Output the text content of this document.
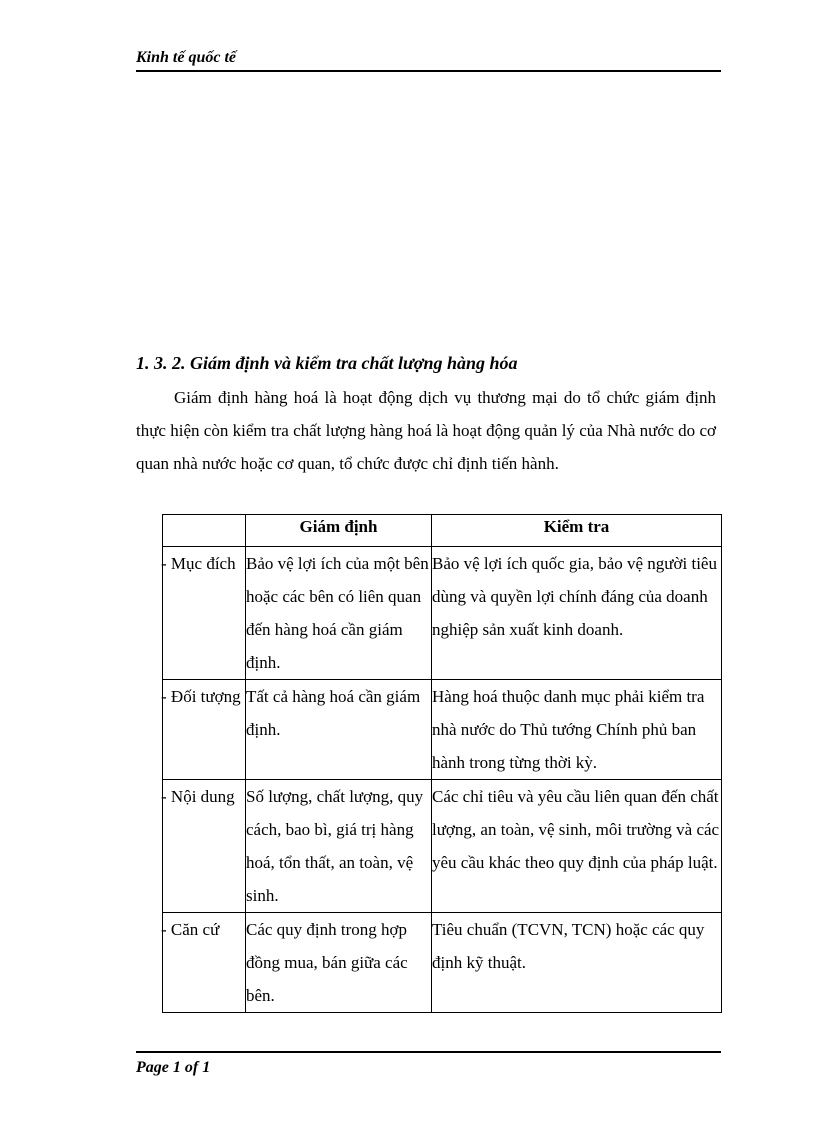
Kinh tế quốc tế
1. 3. 2. Giám định và kiểm tra chất lượng hàng hóa

Giám định hàng hoá là hoạt động dịch vụ thương mại do tổ chức giám định thực hiện còn kiểm tra chất lượng hàng hoá là hoạt động quản lý của Nhà nước do cơ quan nhà nước hoặc cơ quan, tổ chức được chỉ định tiến hành.

	Giám định	Kiểm tra
- Mục đích	Bảo vệ lợi ích của một bên hoặc các bên có liên quan đến hàng hoá cần giám định.	Bảo vệ lợi ích quốc gia, bảo vệ người tiêu dùng và quyền lợi chính đáng của doanh nghiệp sản xuất kinh doanh.
- Đối tượng	Tất cả hàng hoá cần giám định.	Hàng hoá thuộc danh mục phải kiểm tra nhà nước do Thủ tướng Chính phủ ban hành trong từng thời kỳ.
- Nội dung	Số lượng, chất lượng, quy cách, bao bì, giá trị hàng hoá, tổn thất, an toàn, vệ sinh.	Các chỉ tiêu và yêu cầu liên quan đến chất lượng, an toàn, vệ sinh, môi trường và các yêu cầu khác theo quy định của pháp luật.
- Căn cứ	Các quy định trong hợp đồng mua, bán giữa các bên.	Tiêu chuẩn (TCVN, TCN) hoặc các quy định kỹ thuật.
Page 1 of 1
